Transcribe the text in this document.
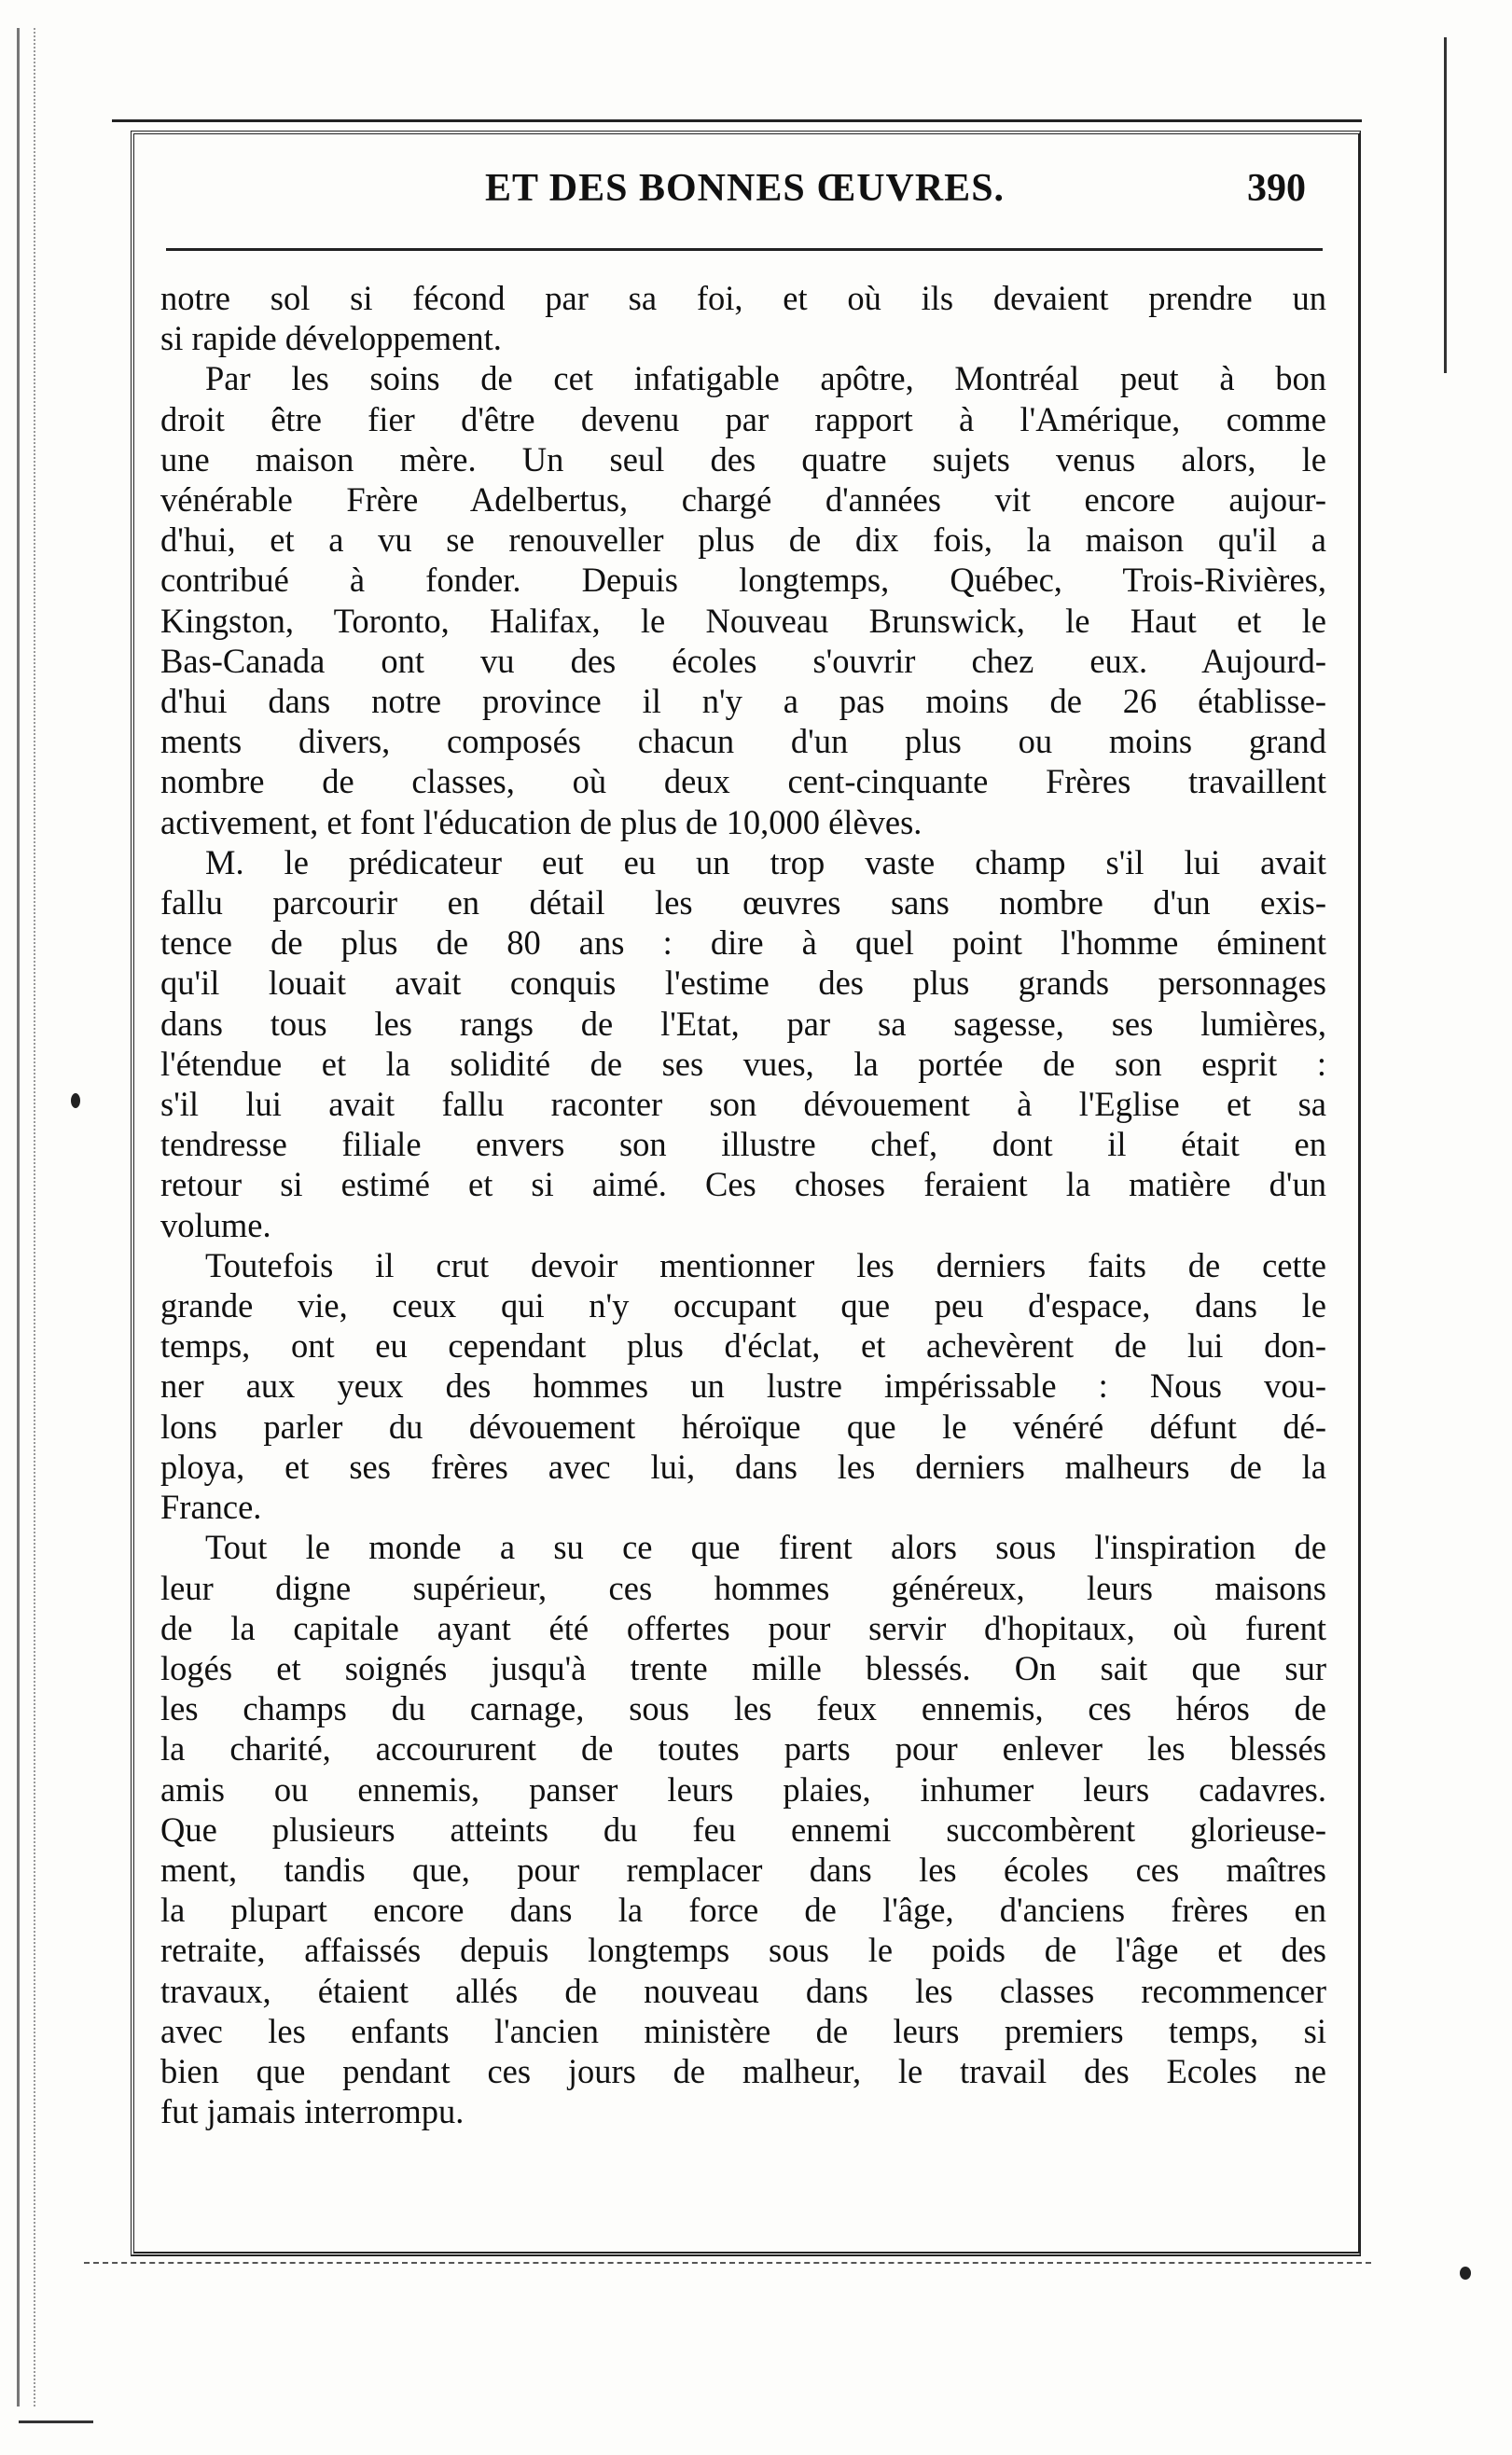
ET DES BONNES ŒUVRES.	390

notre sol si fécond par sa foi, et où ils devaient prendre un

si rapide développement.

Par les soins de cet infatigable apôtre, Montréal peut à bon

droit être fier d'être devenu par rapport à l'Amérique, comme

une maison mère. Un seul des quatre sujets venus alors, le

vénérable Frère Adelbertus, chargé d'années vit encore aujour-

d'hui, et a vu se renouveller plus de dix fois, la maison qu'il a

contribué à fonder. Depuis longtemps, Québec, Trois-Rivières,

Kingston, Toronto, Halifax, le Nouveau Brunswick, le Haut et le

Bas-Canada ont vu des écoles s'ouvrir chez eux. Aujourd-

d'hui dans notre province il n'y a pas moins de 26 établisse-

ments divers, composés chacun d'un plus ou moins grand

nombre de classes, où deux cent-cinquante Frères travaillent

activement, et font l'éducation de plus de 10,000 élèves.

M. le prédicateur eut eu un trop vaste champ s'il lui avait

fallu parcourir en détail les œuvres sans nombre d'un exis-

tence de plus de 80 ans : dire à quel point l'homme éminent

qu'il louait avait conquis l'estime des plus grands personnages

dans tous les rangs de l'Etat, par sa sagesse, ses lumières,

l'étendue et la solidité de ses vues, la portée de son esprit :

s'il lui avait fallu raconter son dévouement à l'Eglise et sa

tendresse filiale envers son illustre chef, dont il était en

retour si estimé et si aimé. Ces choses feraient la matière d'un

volume.

Toutefois il crut devoir mentionner les derniers faits de cette

grande vie, ceux qui n'y occupant que peu d'espace, dans le

temps, ont eu cependant plus d'éclat, et achevèrent de lui don-

ner aux yeux des hommes un lustre impérissable : Nous vou-

lons parler du dévouement héroïque que le vénéré défunt dé-

ploya, et ses frères avec lui, dans les derniers malheurs de la

France.

Tout le monde a su ce que firent alors sous l'inspiration de

leur digne supérieur, ces hommes généreux, leurs maisons

de la capitale ayant été offertes pour servir d'hopitaux, où furent

logés et soignés jusqu'à trente mille blessés. On sait que sur

les champs du carnage, sous les feux ennemis, ces héros de

la charité, accoururent de toutes parts pour enlever les blessés

amis ou ennemis, panser leurs plaies, inhumer leurs cadavres.

Que plusieurs atteints du feu ennemi succombèrent glorieuse-

ment, tandis que, pour remplacer dans les écoles ces maîtres

la plupart encore dans la force de l'âge, d'anciens frères en

retraite, affaissés depuis longtemps sous le poids de l'âge et des

travaux, étaient allés de nouveau dans les classes recommencer

avec les enfants l'ancien ministère de leurs premiers temps, si

bien que pendant ces jours de malheur, le travail des Ecoles ne

fut jamais interrompu.
